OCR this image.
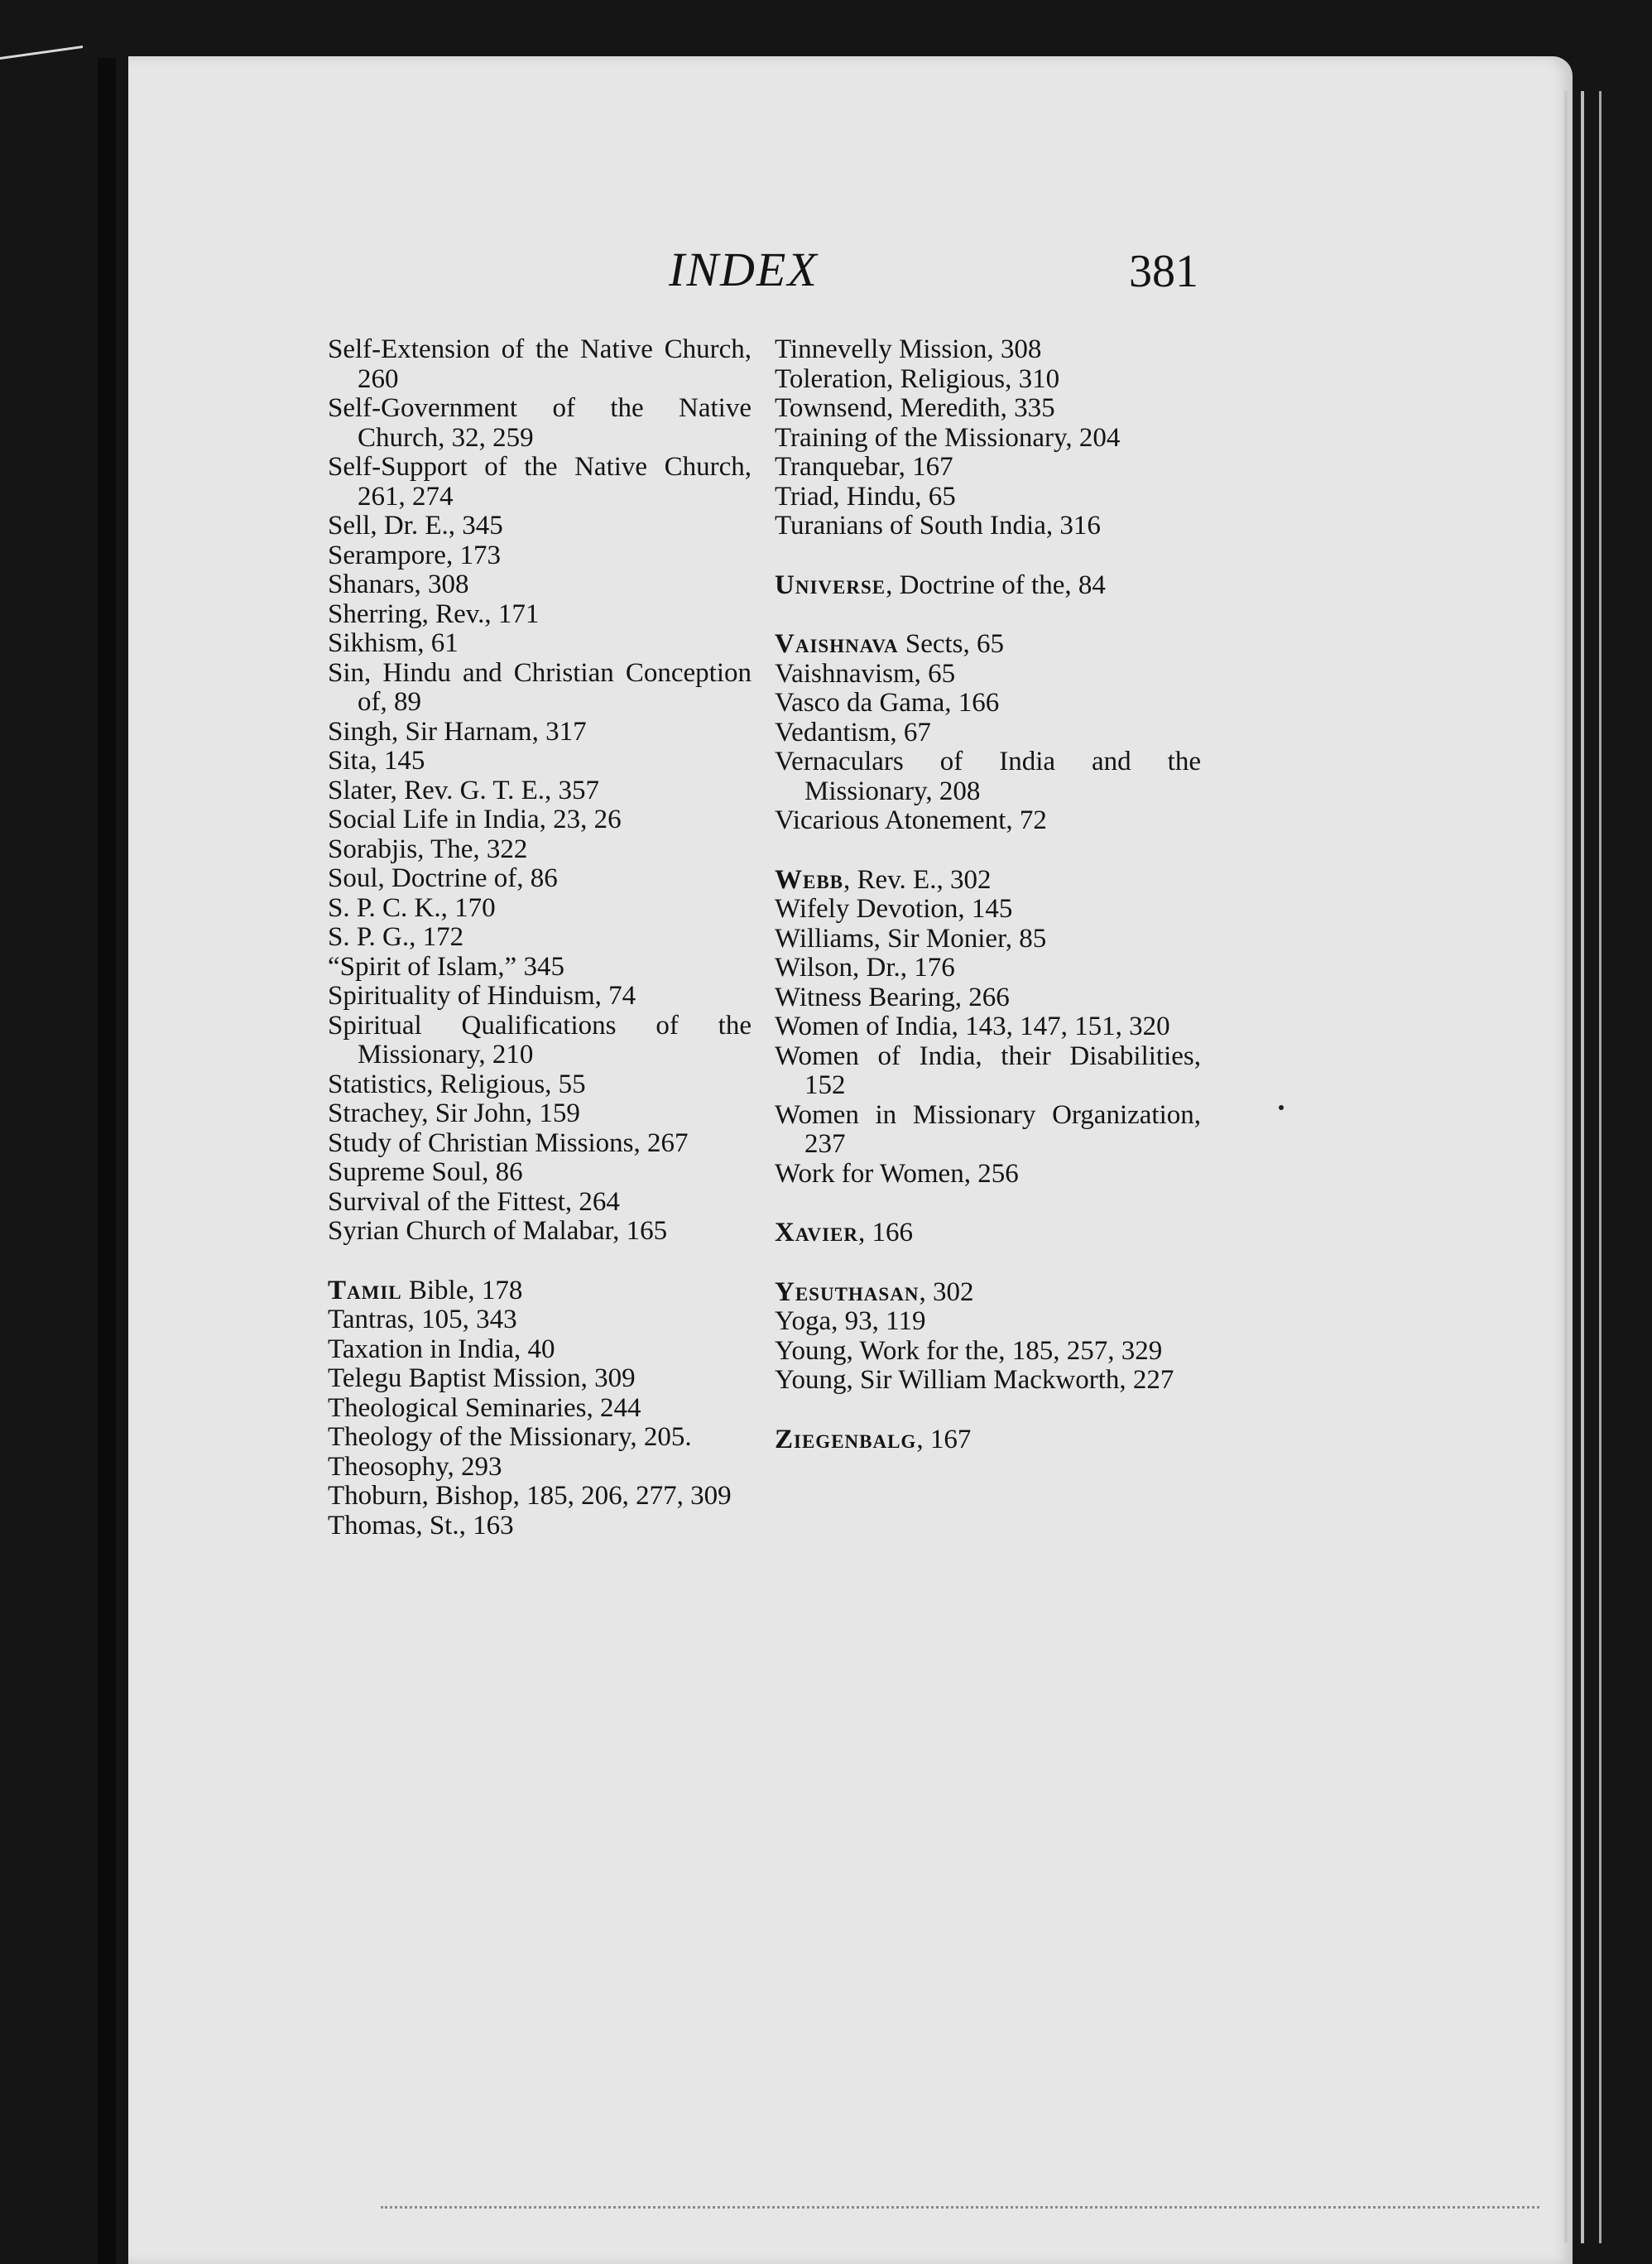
INDEX	381
Self-Extension of the Native Church, 260
Self-Government of the Native Church, 32, 259
Self-Support of the Native Church, 261, 274
Sell, Dr. E., 345
Serampore, 173
Shanars, 308
Sherring, Rev., 171
Sikhism, 61
Sin, Hindu and Christian Conception of, 89
Singh, Sir Harnam, 317
Sita, 145
Slater, Rev. G. T. E., 357
Social Life in India, 23, 26
Sorabjis, The, 322
Soul, Doctrine of, 86
S. P. C. K., 170
S. P. G., 172
“Spirit of Islam,” 345
Spirituality of Hinduism, 74
Spiritual Qualifications of the Missionary, 210
Statistics, Religious, 55
Strachey, Sir John, 159
Study of Christian Missions, 267
Supreme Soul, 86
Survival of the Fittest, 264
Syrian Church of Malabar, 165
Tamil Bible, 178
Tantras, 105, 343
Taxation in India, 40
Telegu Baptist Mission, 309
Theological Seminaries, 244
Theology of the Missionary, 205.
Theosophy, 293
Thoburn, Bishop, 185, 206, 277, 309
Thomas, St., 163
Tinnevelly Mission, 308
Toleration, Religious, 310
Townsend, Meredith, 335
Training of the Missionary, 204
Tranquebar, 167
Triad, Hindu, 65
Turanians of South India, 316
Universe, Doctrine of the, 84
Vaishnava Sects, 65
Vaishnavism, 65
Vasco da Gama, 166
Vedantism, 67
Vernaculars of India and the Missionary, 208
Vicarious Atonement, 72
Webb, Rev. E., 302
Wifely Devotion, 145
Williams, Sir Monier, 85
Wilson, Dr., 176
Witness Bearing, 266
Women of India, 143, 147, 151, 320
Women of India, their Disabilities, 152
Women in Missionary Organization, 237
Work for Women, 256
Xavier, 166
Yesuthasan, 302
Yoga, 93, 119
Young, Work for the, 185, 257, 329
Young, Sir William Mackworth, 227
Ziegenbalg, 167
